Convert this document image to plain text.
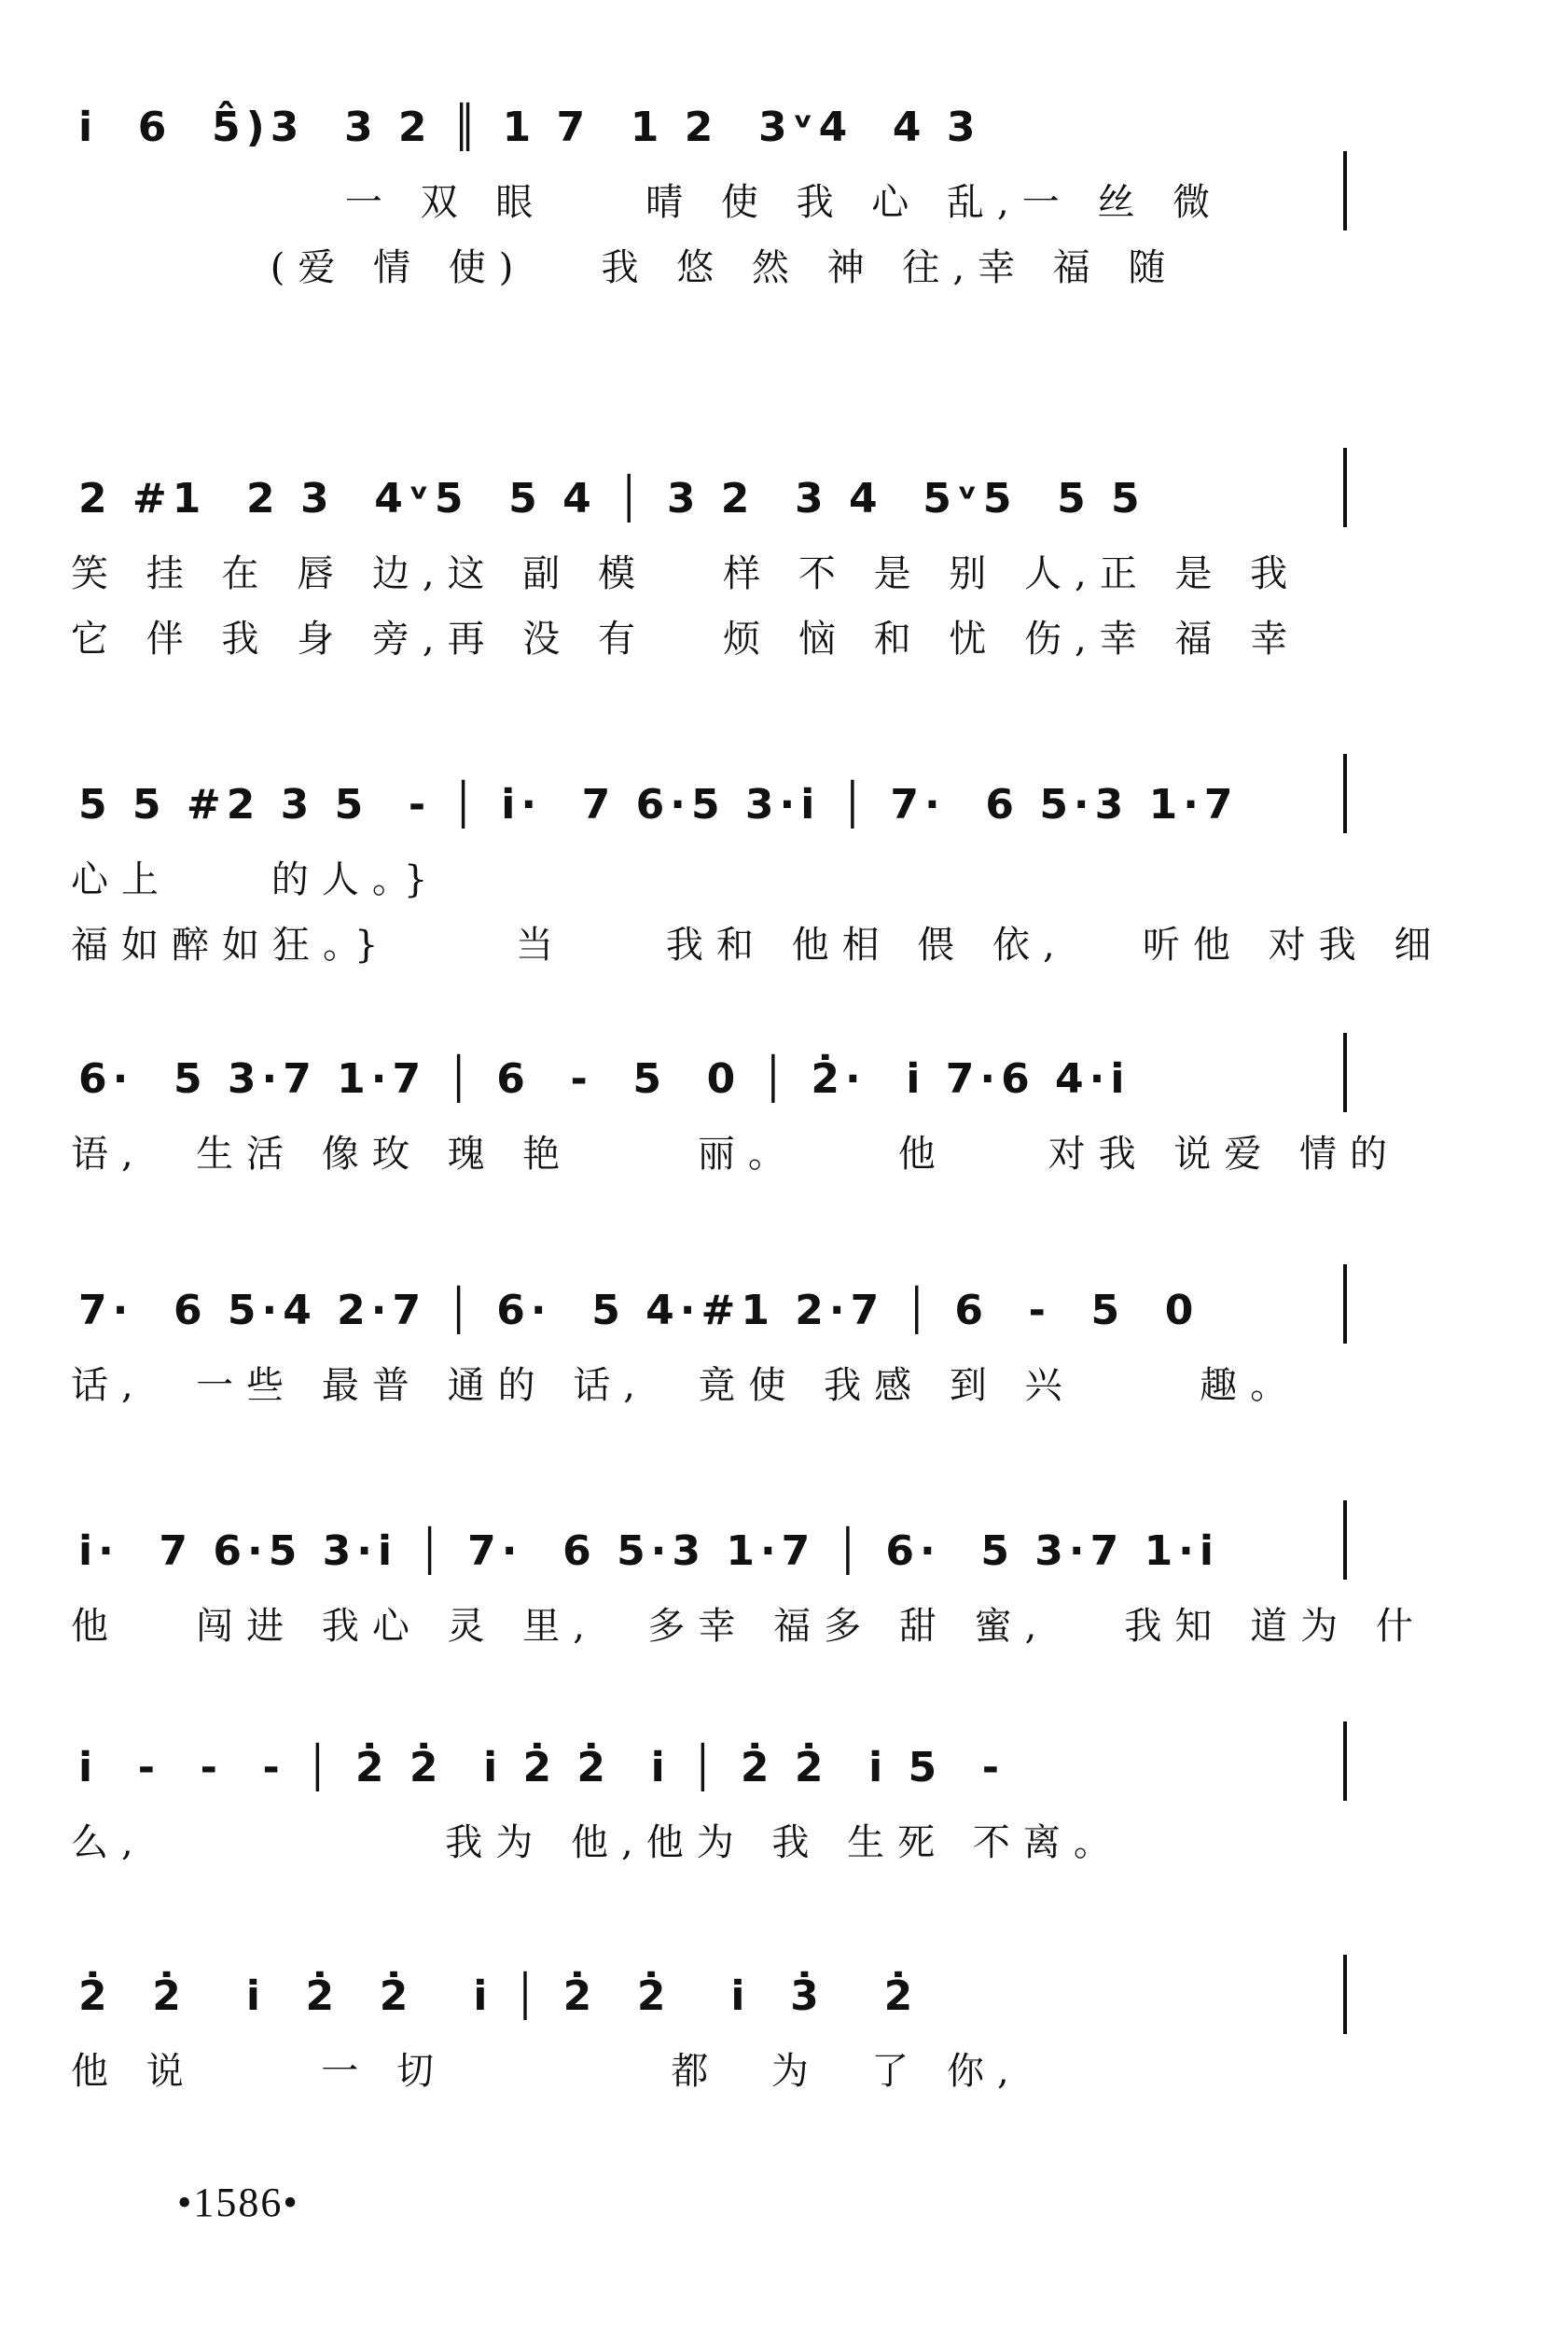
i̇  6  5̂)3  3 2 ║ 1 7  1 2  3ᵛ4  4 3
一 双 眼    晴 使 我 心 乱,一 丝 微
(爱 情 使)   我 悠 然 神 往,幸 福 随
2 #1  2 3  4ᵛ5  5 4 │ 3 2  3 4  5ᵛ5  5 5
笑 挂 在 唇 边,这 副 模   样 不 是 别 人,正 是 我
它 伴 我 身 旁,再 没 有   烦 恼 和 忧 伤,幸 福 幸
5 5 #2 3 5  - │ i̇·  7 6·5 3·i̇ │ 7·  6 5·3 1·7
心上    的人。}
福如醉如狂。}     当    我和 他相 偎 依,   听他 对我 细
6·  5 3·7 1·7 │ 6  -  5  0 │ 2̇·  i̇ 7·6 4·i̇
语,  生活 像玫 瑰 艳     丽。    他    对我 说爱 情的
7·  6 5·4 2·7 │ 6·  5 4·#1 2·7 │ 6  -  5  0
话,  一些 最普 通的 话,  竟使 我感 到 兴     趣。
i̇·  7 6·5 3·i̇ │ 7·  6 5·3 1·7 │ 6·  5 3·7 1·i̇
他   闯进 我心 灵 里,  多幸 福多 甜 蜜,   我知 道为 什
i̇  -  -  - │ 2̇ 2̇  i̇ 2̇ 2̇  i̇ │ 2̇ 2̇  i̇ 5  -
么,            我为 他,他为 我 生死 不离。
2̇  2̇   i̇  2̇  2̇   i̇ │ 2̇  2̇   i̇  3̇   2̇
他 说     一 切         都  为  了 你,
•1586•
